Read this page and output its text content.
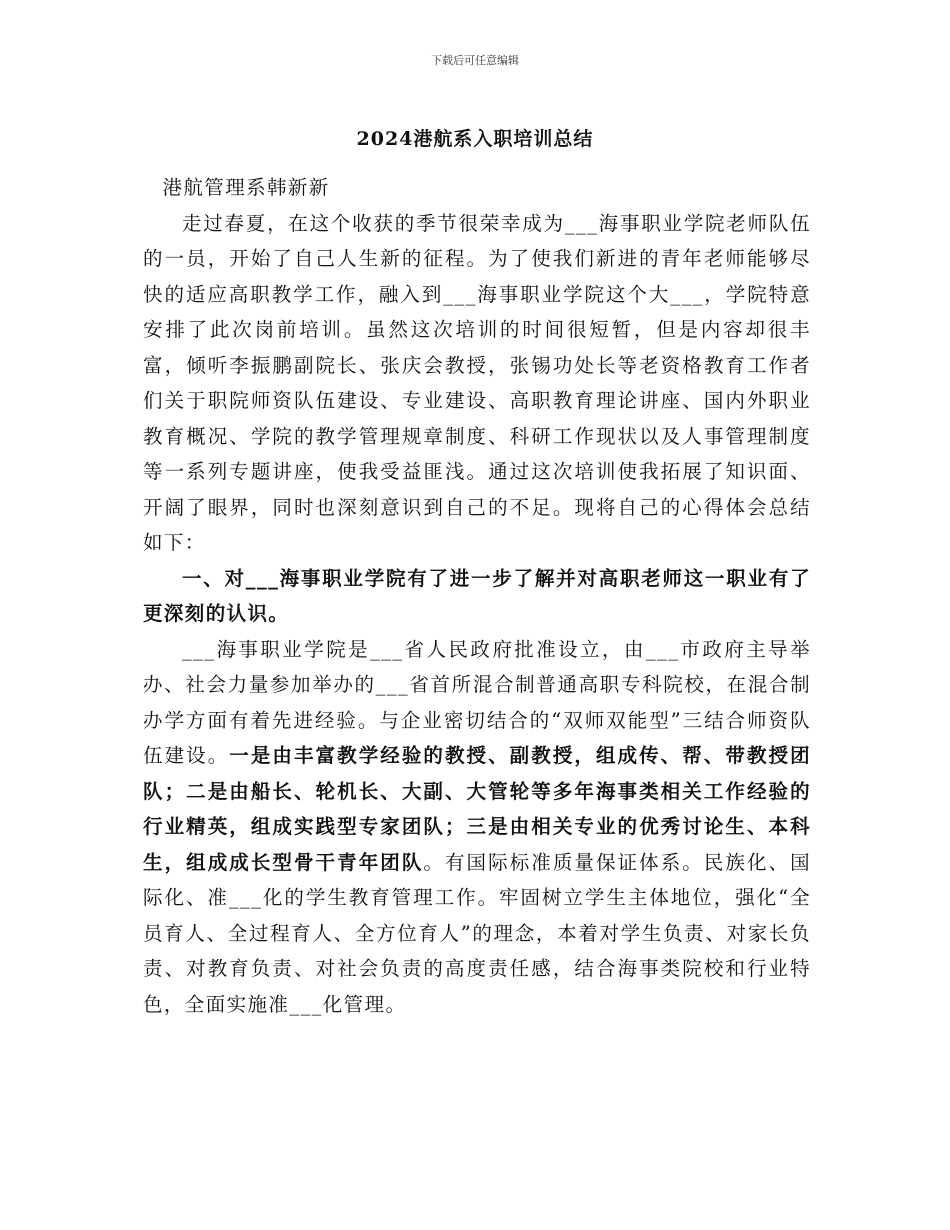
下载后可任意编辑
2024港航系入职培训总结

港航管理系韩新新

走过春夏，在这个收获的季节很荣幸成为___海事职业学院老师队伍的一员，开始了自己人生新的征程。为了使我们新进的青年老师能够尽快的适应高职教学工作，融入到___海事职业学院这个大___，学院特意安排了此次岗前培训。虽然这次培训的时间很短暂，但是内容却很丰富，倾听李振鹏副院长、张庆会教授，张锡功处长等老资格教育工作者们关于职院师资队伍建设、专业建设、高职教育理论讲座、国内外职业教育概况、学院的教学管理规章制度、科研工作现状以及人事管理制度等一系列专题讲座，使我受益匪浅。通过这次培训使我拓展了知识面、开阔了眼界，同时也深刻意识到自己的不足。现将自己的心得体会总结如下：

一、对___海事职业学院有了进一步了解并对高职老师这一职业有了更深刻的认识。

___海事职业学院是___省人民政府批准设立，由___市政府主导举办、社会力量参加举办的___省首所混合制普通高职专科院校，在混合制办学方面有着先进经验。与企业密切结合的“双师双能型”三结合师资队伍建设。一是由丰富教学经验的教授、副教授，组成传、帮、带教授团队；二是由船长、轮机长、大副、大管轮等多年海事类相关工作经验的行业精英，组成实践型专家团队；三是由相关专业的优秀讨论生、本科生，组成成长型骨干青年团队。有国际标准质量保证体系。民族化、国际化、准___化的学生教育管理工作。牢固树立学生主体地位，强化“全员育人、全过程育人、全方位育人”的理念，本着对学生负责、对家长负责、对教育负责、对社会负责的高度责任感，结合海事类院校和行业特色，全面实施准___化管理。
